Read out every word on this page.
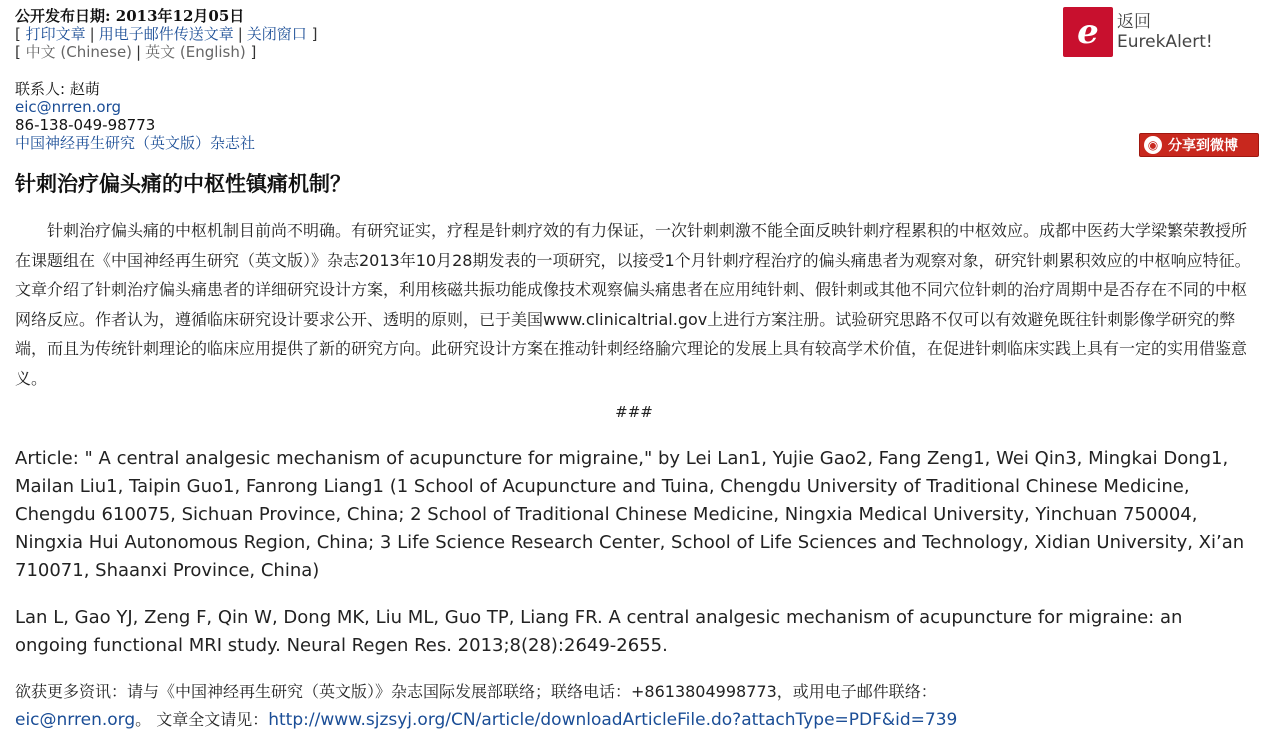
公开发布日期: 2013年12月05日
[ 打印文章 | 用电子邮件传送文章 | 关闭窗口 ]
[ 中文 (Chinese) | 英文 (English) ]
联系人: 赵萌
eic@nrren.org
86-138-049-98773
中国神经再生研究（英文版）杂志社
e	返回
EurekAlert!
◉ 分享到微博
针刺治疗偏头痛的中枢性镇痛机制？

针刺治疗偏头痛的中枢机制目前尚不明确。有研究证实，疗程是针刺疗效的有力保证，一次针刺刺激不能全面反映针刺疗程累积的中枢效应。成都中医药大学梁繁荣教授所在课题组在《中国神经再生研究（英文版）》杂志2013年10月28期发表的一项研究，以接受1个月针刺疗程治疗的偏头痛患者为观察对象，研究针刺累积效应的中枢响应特征。文章介绍了针刺治疗偏头痛患者的详细研究设计方案，利用核磁共振功能成像技术观察偏头痛患者在应用纯针刺、假针刺或其他不同穴位针刺的治疗周期中是否存在不同的中枢网络反应。作者认为，遵循临床研究设计要求公开、透明的原则，已于美国www.clinicaltrial.gov上进行方案注册。试验研究思路不仅可以有效避免既往针刺影像学研究的弊端，而且为传统针刺理论的临床应用提供了新的研究方向。此研究设计方案在推动针刺经络腧穴理论的发展上具有较高学术价值，在促进针刺临床实践上具有一定的实用借鉴意义。

###

Article: " A central analgesic mechanism of acupuncture for migraine," by Lei Lan1, Yujie Gao2, Fang Zeng1, Wei Qin3, Mingkai Dong1, Mailan Liu1, Taipin Guo1, Fanrong Liang1 (1 School of Acupuncture and Tuina, Chengdu University of Traditional Chinese Medicine, Chengdu 610075, Sichuan Province, China; 2 School of Traditional Chinese Medicine, Ningxia Medical University, Yinchuan 750004, Ningxia Hui Autonomous Region, China; 3 Life Science Research Center, School of Life Sciences and Technology, Xidian University, Xi’an 710071, Shaanxi Province, China)

Lan L, Gao YJ, Zeng F, Qin W, Dong MK, Liu ML, Guo TP, Liang FR. A central analgesic mechanism of acupuncture for migraine: an ongoing functional MRI study. Neural Regen Res. 2013;8(28):2649-2655.

欲获更多资讯：请与《中国神经再生研究（英文版）》杂志国际发展部联络；联络电话：+8613804998773，或用电子邮件联络：
eic@nrren.org。 文章全文请见：http://www.sjzsyj.org/CN/article/downloadArticleFile.do?attachType=PDF&id=739
